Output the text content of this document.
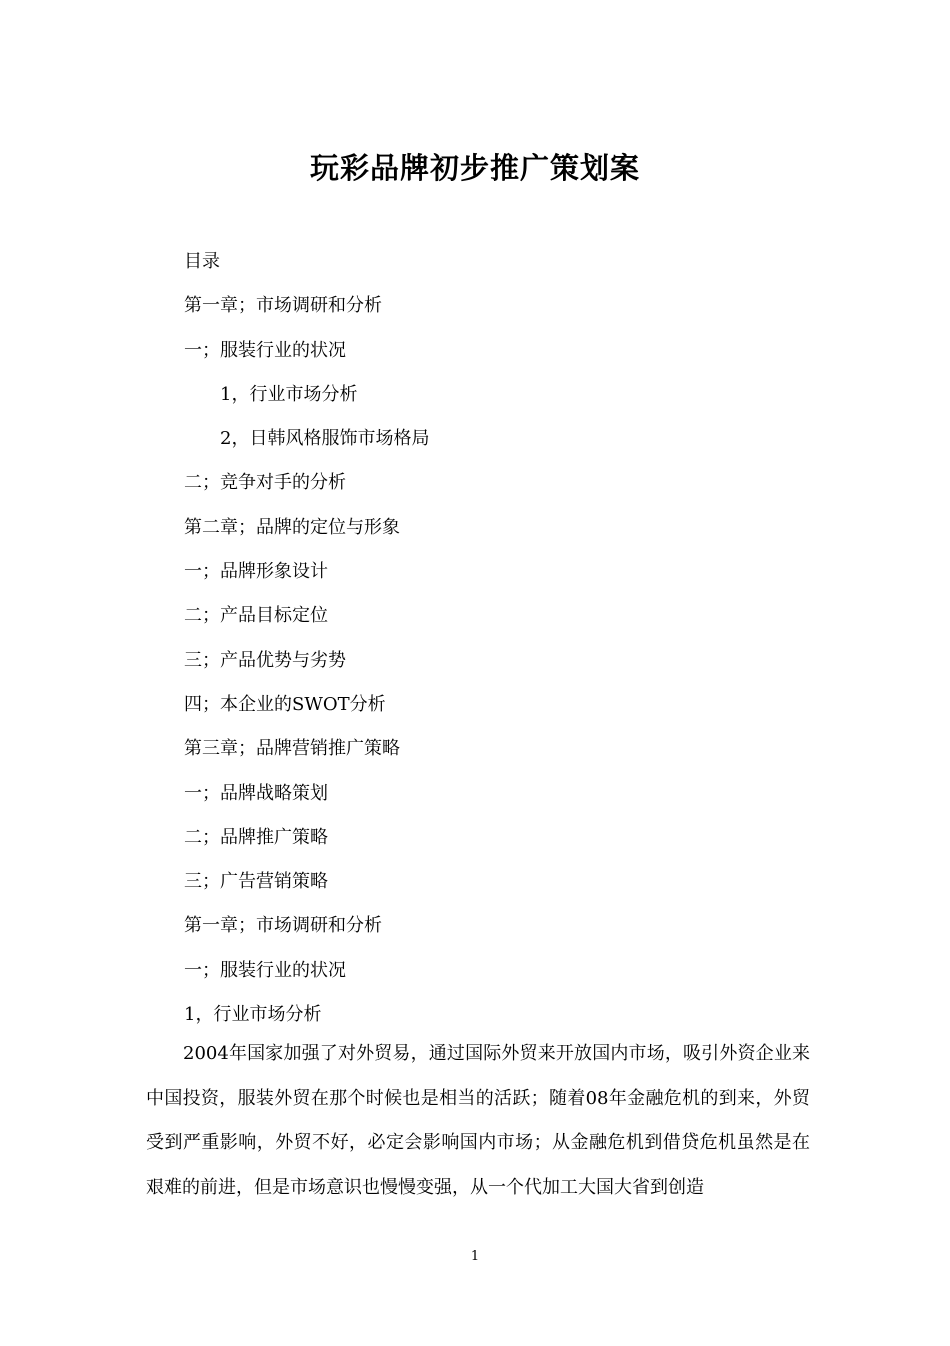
玩彩品牌初步推广策划案
目录
第一章；市场调研和分析
一；服装行业的状况
1，行业市场分析
2，日韩风格服饰市场格局
二；竞争对手的分析
第二章；品牌的定位与形象
一；品牌形象设计
二；产品目标定位
三；产品优势与劣势
四；本企业的SWOT分析
第三章；品牌营销推广策略
一；品牌战略策划
二；品牌推广策略
三；广告营销策略
第一章；市场调研和分析
一；服装行业的状况
1，行业市场分析

2004年国家加强了对外贸易，通过国际外贸来开放国内市场，吸引外资企业来中国投资，服装外贸在那个时候也是相当的活跃；随着08年金融危机的到来，外贸受到严重影响，外贸不好，必定会影响国内市场；从金融危机到借贷危机虽然是在艰难的前进，但是市场意识也慢慢变强，从一个代加工大国大省到创造

1
